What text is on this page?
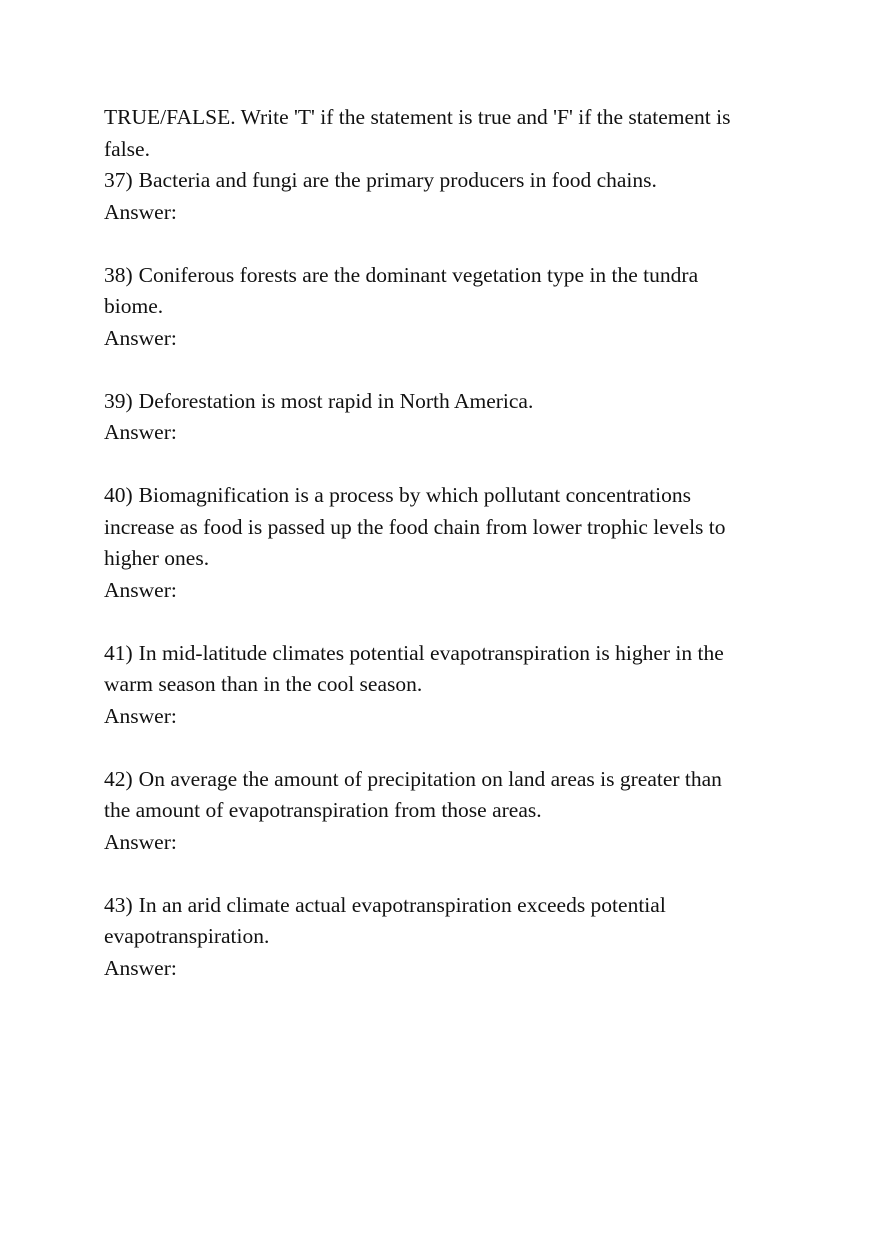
TRUE/FALSE. Write 'T' if the statement is true and 'F' if the statement is false.

37) Bacteria and fungi are the primary producers in food chains.

Answer:

38) Coniferous forests are the dominant vegetation type in the tundra biome.

Answer:

39) Deforestation is most rapid in North America.

Answer:

40) Biomagnification is a process by which pollutant concentrations increase as food is passed up the food chain from lower trophic levels to higher ones.

Answer:

41) In mid-latitude climates potential evapotranspiration is higher in the warm season than in the cool season.

Answer:

42) On average the amount of precipitation on land areas is greater than the amount of evapotranspiration from those areas.

Answer:

43) In an arid climate actual evapotranspiration exceeds potential evapotranspiration.

Answer:
